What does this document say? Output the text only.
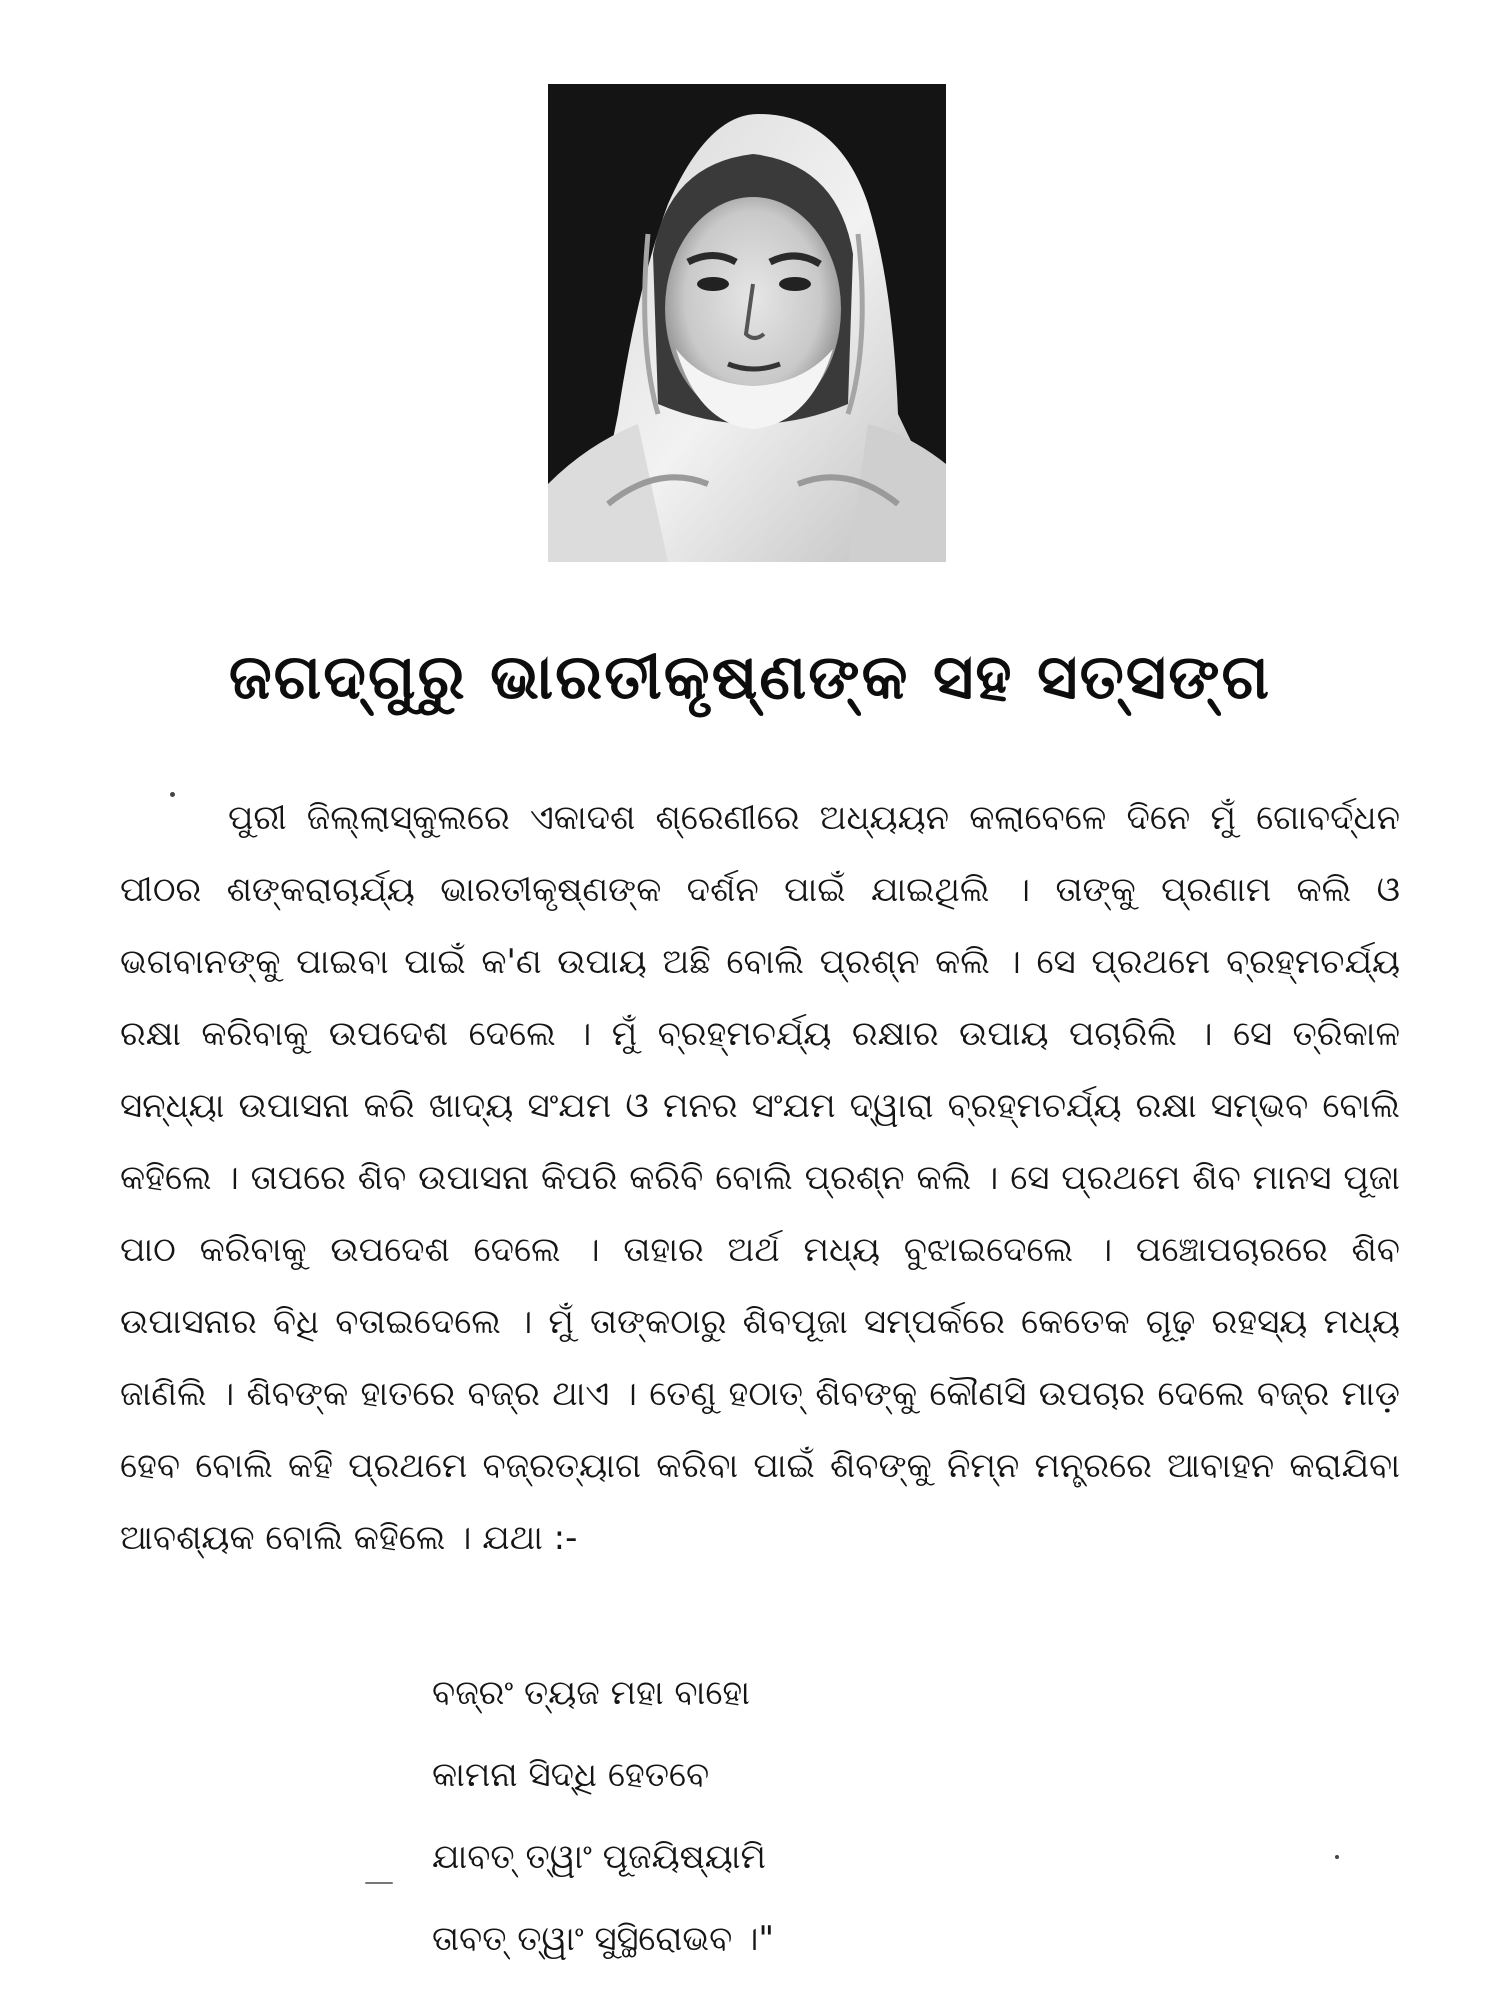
ଜଗଦ୍‌ଗୁରୁ ଭାରତୀକୃଷ୍ଣଙ୍କ ସହ ସତ୍‌ସଙ୍ଗ

ପୁରୀ ଜିଲ୍ଲାସ୍କୁଲରେ ଏକାଦଶ ଶ୍ରେଣୀରେ ଅଧ୍ୟୟନ କଲାବେଳେ ଦିନେ ମୁଁ ଗୋବର୍ଦ୍ଧନ ପୀଠର ଶଙ୍କରାଚାର୍ଯ୍ୟ ଭାରତୀକୃଷ୍ଣଙ୍କ ଦର୍ଶନ ପାଇଁ ଯାଇଥିଲି । ତାଙ୍କୁ ପ୍ରଣାମ କଲି ଓ ଭଗବାନଙ୍କୁ ପାଇବା ପାଇଁ କ'ଣ ଉପାୟ ଅଛି ବୋଲି ପ୍ରଶ୍ନ କଲି । ସେ ପ୍ରଥମେ ବ୍ରହ୍ମଚର୍ଯ୍ୟ ରକ୍ଷା କରିବାକୁ ଉପଦେଶ ଦେଲେ । ମୁଁ ବ୍ରହ୍ମଚର୍ଯ୍ୟ ରକ୍ଷାର ଉପାୟ ପଚାରିଲି । ସେ ତ୍ରିକାଳ ସନ୍ଧ୍ୟା ଉପାସନା କରି ଖାଦ୍ୟ ସଂଯମ ଓ ମନର ସଂଯମ ଦ୍ୱାରା ବ୍ରହ୍ମଚର୍ଯ୍ୟ ରକ୍ଷା ସମ୍ଭବ ବୋଲି କହିଲେ । ତାପରେ ଶିବ ଉପାସନା କିପରି କରିବି ବୋଲି ପ୍ରଶ୍ନ କଲି । ସେ ପ୍ରଥମେ ଶିବ ମାନସ ପୂଜା ପାଠ କରିବାକୁ ଉପଦେଶ ଦେଲେ । ତାହାର ଅର୍ଥ ମଧ୍ୟ ବୁଝାଇଦେଲେ । ପଞ୍ଚୋପଚାରରେ ଶିବ ଉପାସନାର ବିଧି ବତାଇଦେଲେ । ମୁଁ ତାଙ୍କଠାରୁ ଶିବପୂଜା ସମ୍ପର୍କରେ କେତେକ ଗୂଢ଼ ରହସ୍ୟ ମଧ୍ୟ ଜାଣିଲି । ଶିବଙ୍କ ହାତରେ ବଜ୍ର ଥାଏ । ତେଣୁ ହଠାତ୍ ଶିବଙ୍କୁ କୌଣସି ଉପଚାର ଦେଲେ ବଜ୍ର ମାଡ଼ ହେବ ବୋଲି କହି ପ୍ରଥମେ ବଜ୍ରତ୍ୟାଗ କରିବା ପାଇଁ ଶିବଙ୍କୁ ନିମ୍ନ ମନ୍ତ୍ରରେ ଆବାହନ କରାଯିବା ଆବଶ୍ୟକ ବୋଲି କହିଲେ । ଯଥା :-

ବଜ୍ରଂ ତ୍ୟଜ ମହା ବାହୋ
କାମନା ସିଦ୍ଧି ହେତବେ
ଯାବତ୍ ତ୍ୱାଂ ପୂଜୟିଷ୍ୟାମି
ତାବତ୍ ତ୍ୱାଂ ସୁସ୍ଥିରୋଭବ ।"
